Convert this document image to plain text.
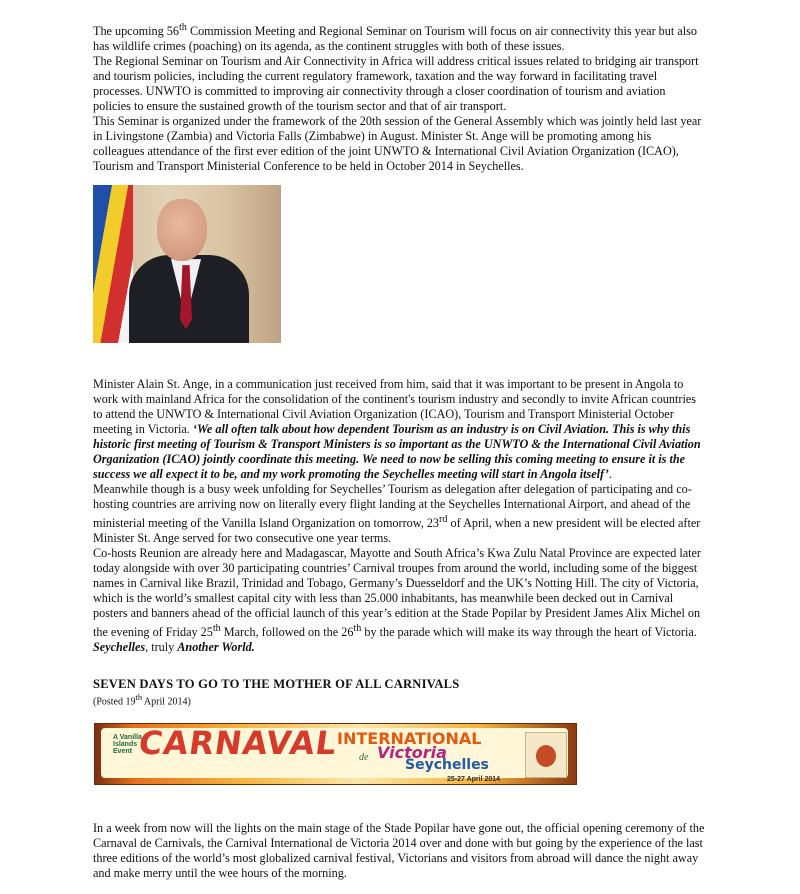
The upcoming 56th Commission Meeting and Regional Seminar on Tourism will focus on air connectivity this year but also has wildlife crimes (poaching) on its agenda, as the continent struggles with both of these issues.

The Regional Seminar on Tourism and Air Connectivity in Africa will address critical issues related to bridging air transport and tourism policies, including the current regulatory framework, taxation and the way forward in facilitating travel processes. UNWTO is committed to improving air connectivity through a closer coordination of tourism and aviation policies to ensure the sustained growth of the tourism sector and that of air transport.

This Seminar is organized under the framework of the 20th session of the General Assembly which was jointly held last year in Livingstone (Zambia) and Victoria Falls (Zimbabwe) in August. Minister St. Ange will be promoting among his colleagues attendance of the first ever edition of the joint UNWTO & International Civil Aviation Organization (ICAO), Tourism and Transport Ministerial Conference to be held in October 2014 in Seychelles.

Minister Alain St. Ange, in a communication just received from him, said that it was important to be present in Angola to work with mainland Africa for the consolidation of the continent's tourism industry and secondly to invite African countries to attend the UNWTO & International Civil Aviation Organization (ICAO), Tourism and Transport Ministerial October meeting in Victoria. ‘We all often talk about how dependent Tourism as an industry is on Civil Aviation. This is why this historic first meeting of Tourism & Transport Ministers is so important as the UNWTO & the International Civil Aviation Organization (ICAO) jointly coordinate this meeting. We need to now be selling this coming meeting to ensure it is the success we all expect it to be, and my work promoting the Seychelles meeting will start in Angola itself’.

Meanwhile though is a busy week unfolding for Seychelles’ Tourism as delegation after delegation of participating and co-hosting countries are arriving now on literally every flight landing at the Seychelles International Airport, and ahead of the ministerial meeting of the Vanilla Island Organization on tomorrow, 23rd of April, when a new president will be elected after Minister St. Ange served for two consecutive one year terms.

Co-hosts Reunion are already here and Madagascar, Mayotte and South Africa’s Kwa Zulu Natal Province are expected later today alongside with over 30 participating countries’ Carnival troupes from around the world, including some of the biggest names in Carnival like Brazil, Trinidad and Tobago, Germany’s Duesseldorf and the UK’s Notting Hill. The city of Victoria, which is the world’s smallest capital city with less than 25.000 inhabitants, has meanwhile been decked out in Carnival posters and banners ahead of the official launch of this year’s edition at the Stade Popilar by President James Alix Michel on the evening of Friday 25th March, followed on the 26th by the parade which will make its way through the heart of Victoria. Seychelles, truly Another World.

SEVEN DAYS TO GO TO THE MOTHER OF ALL CARNIVALS

(Posted 19th April 2014)

A Vanilla Islands Event CARNAVAL
INTERNATIONAL
de Victoria
Seychelles
25-27 April 2014

In a week from now will the lights on the main stage of the Stade Popilar have gone out, the official opening ceremony of the Carnaval de Carnivals, the Carnival International de Victoria 2014 over and done with but going by the experience of the last three editions of the world’s most globalized carnival festival, Victorians and visitors from abroad will dance the night away and make merry until the wee hours of the morning.
